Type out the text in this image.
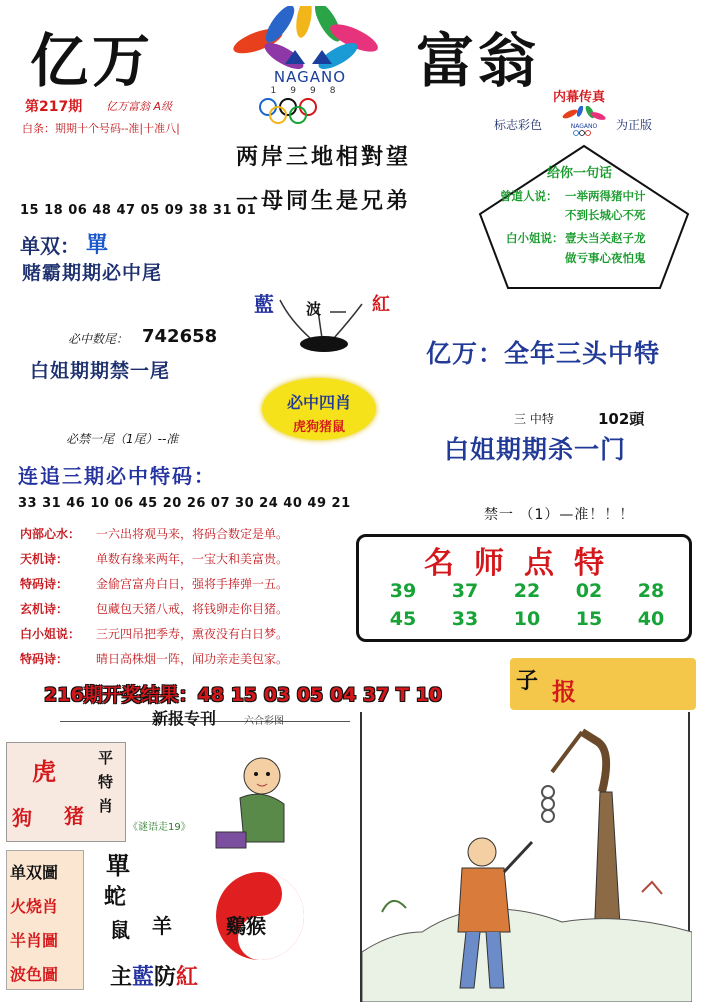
亿万	NAGANO
1998	富翁
第217期 亿万富翁 A级
白条：期期十个号码--准|十准八|
两岸三地相對望
一母同生是兄弟
内幕传真
标志彩色	NAGANO 为正版
给你一句话
曾道人说： 一举两得猪中计
不到长城心不死
白小姐说： 壹夫当关赵子龙
做亏事心夜怕鬼
15 18 06 48 47 05 09 38 31 01
单双： 單
赌霸期期必中尾
必中数尾： 742658
白姐期期禁一尾
必禁一尾（1尾）--准
连追三期必中特码：
33 31 46 10 06 45 20 26 07 30 24 40 49 21
藍 波	紅
必中四肖
虎狗猪鼠
亿万：全年三头中特
三 中特	102頭
白姐期期杀一门
禁一 （1）—准！！！
名师点特
39	37	22	02	28
45	33	10	15	40
内部心水： 一六出将观马来，将码合数定是单。
天机诗： 单数有缘来两年，一宝大和美富贵。
特码诗： 金偷宫富舟白日，强将手捧弹一五。
玄机诗： 包藏包天猪八戒，将钱卵走你目猪。
白小姐说： 三元四吊把季寿，熏夜没有白日梦。
特码诗： 晴日高株烟一阵，闻功亲走美包家。
216期开奖结果：48 15 03 05 04 37 T 10
子 报
新报专刊	六合彩图
虎
狗 猪
平特肖
《谜语走19》
单双圖
火烧肖
半肖圖
波色圖
單
蛇
鼠 羊	鷄猴
主藍防紅
